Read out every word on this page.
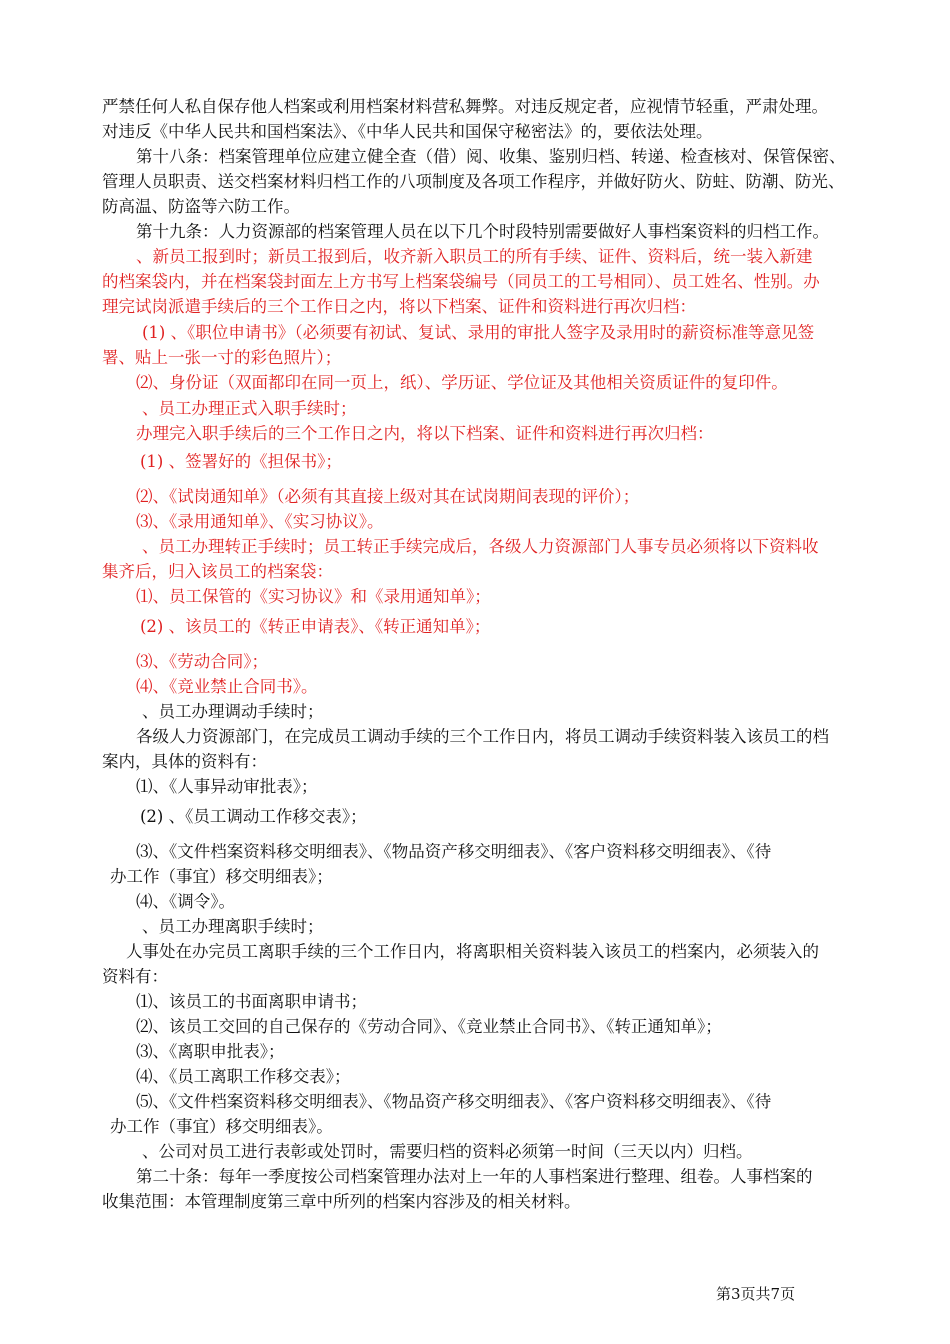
严禁任何人私自保存他人档案或利用档案材料营私舞弊。对违反规定者，应视情节轻重，严肃处理。
对违反《中华人民共和国档案法》、《中华人民共和国保守秘密法》的，要依法处理。
第十八条：档案管理单位应建立健全查（借）阅、收集、鉴别归档、转递、检查核对、保管保密、
管理人员职责、送交档案材料归档工作的八项制度及各项工作程序，并做好防火、防蛀、防潮、防光、
防高温、防盗等六防工作。
第十九条：人力资源部的档案管理人员在以下几个时段特别需要做好人事档案资料的归档工作。
、新员工报到时；新员工报到后，收齐新入职员工的所有手续、证件、资料后，统一装入新建
的档案袋内，并在档案袋封面左上方书写上档案袋编号（同员工的工号相同）、员工姓名、性别。办
理完试岗派遣手续后的三个工作日之内，将以下档案、证件和资料进行再次归档：
(1) 、《职位申请书》（必须要有初试、复试、录用的审批人签字及录用时的薪资标准等意见签
署、贴上一张一寸的彩色照片）；
⑵、身份证（双面都印在同一页上，纸）、学历证、学位证及其他相关资质证件的复印件。
、员工办理正式入职手续时；
办理完入职手续后的三个工作日之内，将以下档案、证件和资料进行再次归档：
(1) 、签署好的《担保书》；
⑵、《试岗通知单》（必须有其直接上级对其在试岗期间表现的评价）；
⑶、《录用通知单》、《实习协议》。
、员工办理转正手续时；员工转正手续完成后，各级人力资源部门人事专员必须将以下资料收
集齐后，归入该员工的档案袋：
⑴、员工保管的《实习协议》和《录用通知单》；
(2) 、该员工的《转正申请表》、《转正通知单》；
⑶、《劳动合同》；
⑷、《竞业禁止合同书》。
、员工办理调动手续时；
各级人力资源部门，在完成员工调动手续的三个工作日内，将员工调动手续资料装入该员工的档
案内，具体的资料有：
⑴、《人事异动审批表》；
(2) 、《员工调动工作移交表》；
⑶、《文件档案资料移交明细表》、《物品资产移交明细表》、《客户资料移交明细表》、《待
办工作（事宜）移交明细表》；
⑷、《调令》。
、员工办理离职手续时；
人事处在办完员工离职手续的三个工作日内，将离职相关资料装入该员工的档案内，必须装入的
资料有：
⑴、该员工的书面离职申请书；
⑵、该员工交回的自己保存的《劳动合同》、《竞业禁止合同书》、《转正通知单》；
⑶、《离职申批表》；
⑷、《员工离职工作移交表》；
⑸、《文件档案资料移交明细表》、《物品资产移交明细表》、《客户资料移交明细表》、《待
办工作（事宜）移交明细表》。
、公司对员工进行表彰或处罚时，需要归档的资料必须第一时间（三天以内）归档。
第二十条：每年一季度按公司档案管理办法对上一年的人事档案进行整理、组卷。人事档案的
收集范围：本管理制度第三章中所列的档案内容涉及的相关材料。
第3页共7页
